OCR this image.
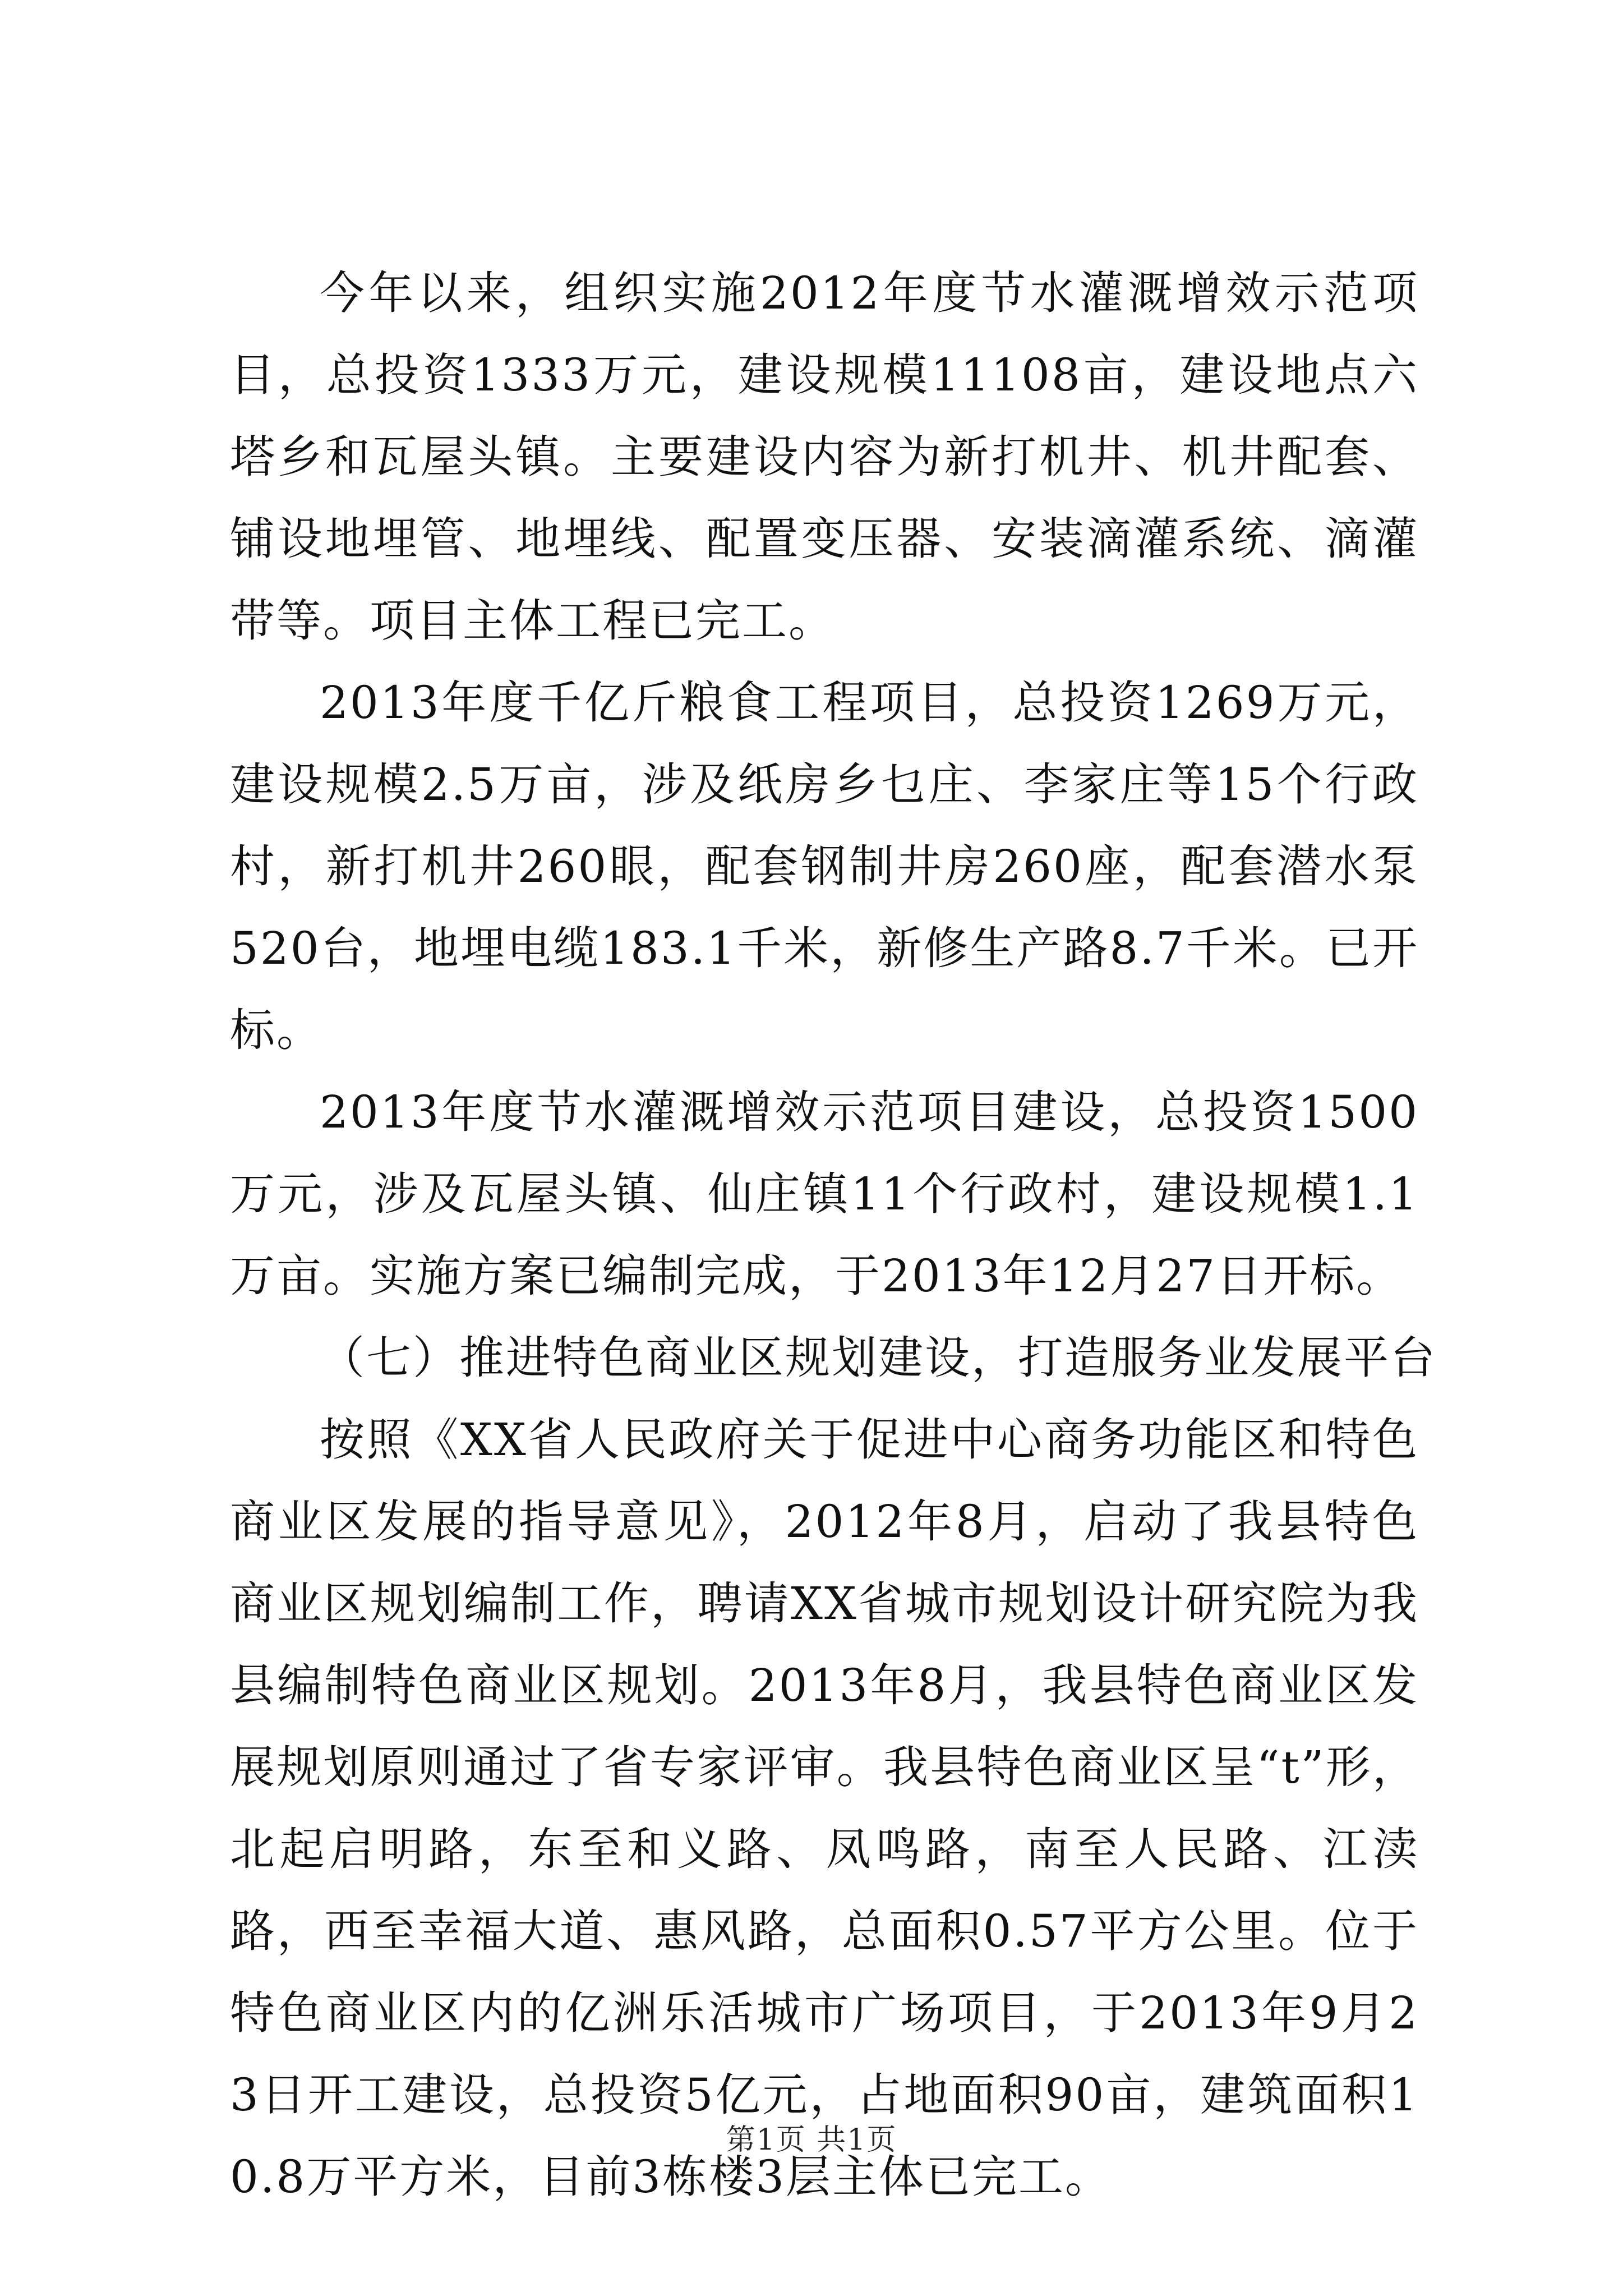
今年以来，组织实施2012年度节水灌溉增效示范项目，总投资1333万元，建设规模11108亩，建设地点六塔乡和瓦屋头镇。主要建设内容为新打机井、机井配套、铺设地埋管、地埋线、配置变压器、安装滴灌系统、滴灌带等。项目主体工程已完工。

2013年度千亿斤粮食工程项目，总投资1269万元，建设规模2.5万亩，涉及纸房乡乜庄、李家庄等15个行政村，新打机井260眼，配套钢制井房260座，配套潜水泵520台，地埋电缆183.1千米，新修生产路8.7千米。已开标。

2013年度节水灌溉增效示范项目建设，总投资1500万元，涉及瓦屋头镇、仙庄镇11个行政村，建设规模1.1万亩。实施方案已编制完成，于2013年12月27日开标。

（七）推进特色商业区规划建设，打造服务业发展平台

按照《XX省人民政府关于促进中心商务功能区和特色商业区发展的指导意见》，2012年8月，启动了我县特色商业区规划编制工作，聘请XX省城市规划设计研究院为我县编制特色商业区规划。2013年8月，我县特色商业区发展规划原则通过了省专家评审。我县特色商业区呈“t”形，北起启明路，东至和义路、凤鸣路，南至人民路、江渎路，西至幸福大道、惠风路，总面积0.57平方公里。位于特色商业区内的亿洲乐活城市广场项目，于2013年9月23日开工建设，总投资5亿元，占地面积90亩，建筑面积10.8万平方米，目前3栋楼3层主体已完工。

第1页 共1页
